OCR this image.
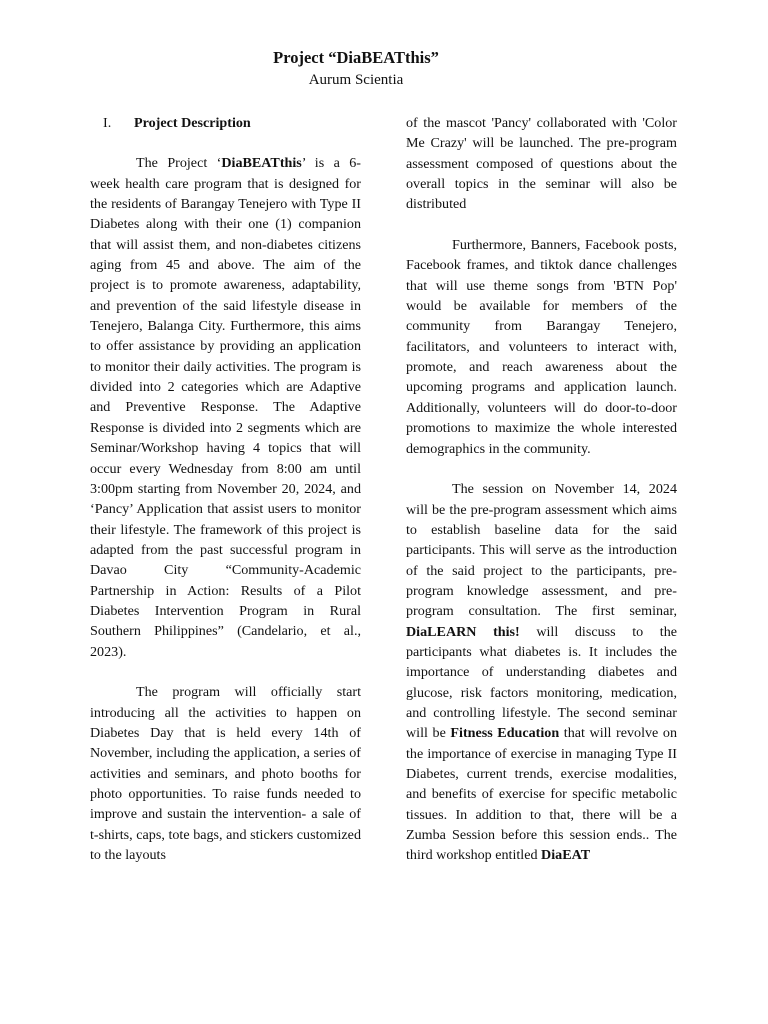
Project “DiaBEATthis”
Aurum Scientia
I. Project Description

The Project ‘DiaBEATthis’ is a 6-week health care program that is designed for the residents of Barangay Tenejero with Type II Diabetes along with their one (1) companion that will assist them, and non-diabetes citizens aging from 45 and above. The aim of the project is to promote awareness, adaptability, and prevention of the said lifestyle disease in Tenejero, Balanga City. Furthermore, this aims to offer assistance by providing an application to monitor their daily activities. The program is divided into 2 categories which are Adaptive and Preventive Response. The Adaptive Response is divided into 2 segments which are Seminar/Workshop having 4 topics that will occur every Wednesday from 8:00 am until 3:00pm starting from November 20, 2024, and ‘Pancy’ Application that assist users to monitor their lifestyle. The framework of this project is adapted from the past successful program in Davao City “Community-Academic Partnership in Action: Results of a Pilot Diabetes Intervention Program in Rural Southern Philippines” (Candelario, et al., 2023).

The program will officially start introducing all the activities to happen on Diabetes Day that is held every 14th of November, including the application, a series of activities and seminars, and photo booths for photo opportunities. To raise funds needed to improve and sustain the intervention- a sale of t-shirts, caps, tote bags, and stickers customized to the layouts

of the mascot 'Pancy' collaborated with 'Color Me Crazy' will be launched. The pre-program assessment composed of questions about the overall topics in the seminar will also be distributed

Furthermore, Banners, Facebook posts, Facebook frames, and tiktok dance challenges that will use theme songs from 'BTN Pop' would be available for members of the community from Barangay Tenejero, facilitators, and volunteers to interact with, promote, and reach awareness about the upcoming programs and application launch. Additionally, volunteers will do door-to-door promotions to maximize the whole interested demographics in the community.

The session on November 14, 2024 will be the pre-program assessment which aims to establish baseline data for the said participants. This will serve as the introduction of the said project to the participants, pre-program knowledge assessment, and pre-program consultation. The first seminar, DiaLEARN this! will discuss to the participants what diabetes is. It includes the importance of understanding diabetes and glucose, risk factors monitoring, medication, and controlling lifestyle. The second seminar will be Fitness Education that will revolve on the importance of exercise in managing Type II Diabetes, current trends, exercise modalities, and benefits of exercise for specific metabolic tissues. In addition to that, there will be a Zumba Session before this session ends.. The third workshop entitled DiaEAT
